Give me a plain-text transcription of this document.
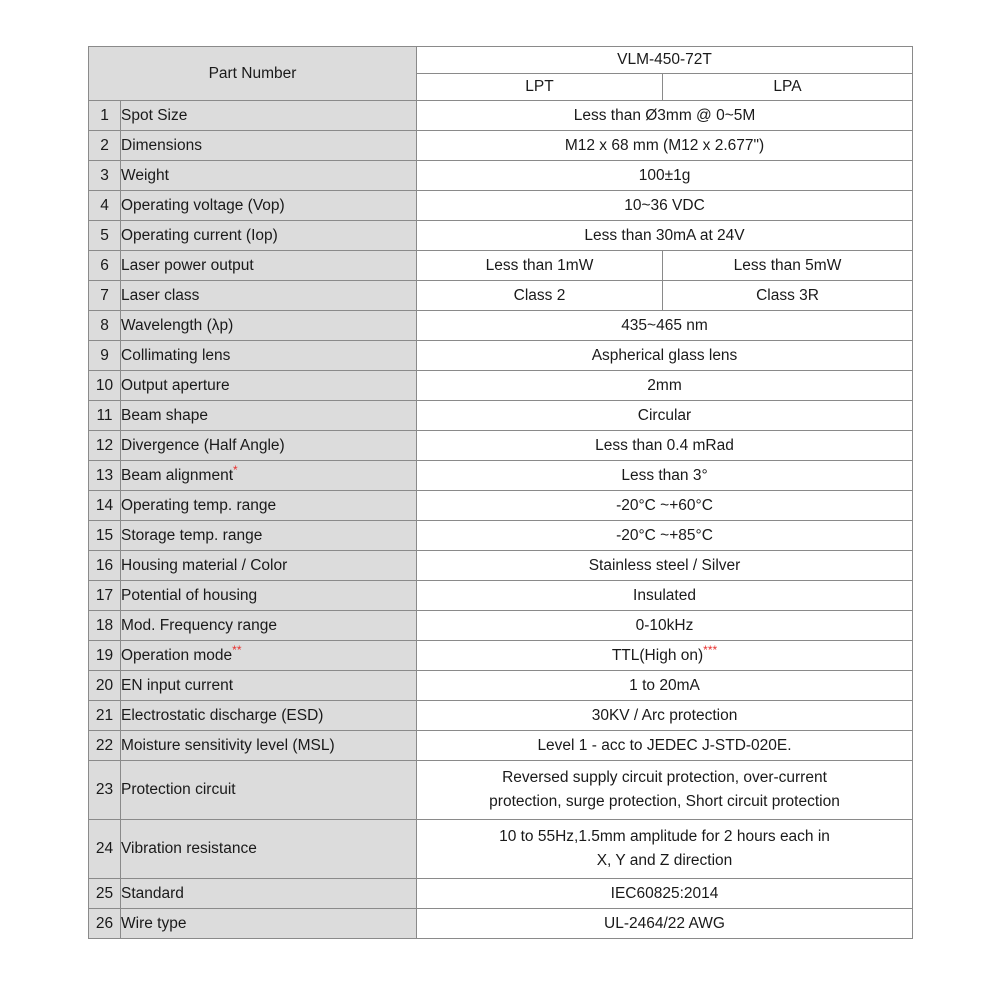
Part Number		VLM-450-72T	
		LPT	LPA
1	Spot Size	Less than Ø3mm @ 0~5M	
2	Dimensions	M12 x 68 mm (M12 x 2.677")	
3	Weight	100±1g	
4	Operating voltage (Vop)	10~36 VDC	
5	Operating current (Iop)	Less than 30mA at 24V	
6	Laser power output	Less than 1mW	Less than 5mW
7	Laser class	Class 2	Class 3R
8	Wavelength (λp)	435~465 nm	
9	Collimating lens	Aspherical glass lens	
10	Output aperture	2mm	
11	Beam shape	Circular	
12	Divergence (Half Angle)	Less than 0.4 mRad	
13	Beam alignment*	Less than 3°	
14	Operating temp. range	-20°C ~+60°C	
15	Storage temp. range	-20°C ~+85°C	
16	Housing material / Color	Stainless steel / Silver	
17	Potential of housing	Insulated	
18	Mod. Frequency range	0-10kHz	
19	Operation mode**	TTL(High on)***
20	EN input current	1 to 20mA	
21	Electrostatic discharge (ESD)	30KV / Arc protection	
22	Moisture sensitivity level (MSL)	Level 1 - acc to JEDEC J-STD-020E.	
23	Protection circuit	Reversed supply circuit protection, over-current
protection, surge protection, Short circuit protection	

24	Vibration resistance	10 to 55Hz,1.5mm amplitude for 2 hours each in
X, Y and Z direction	

25	Standard	IEC60825:2014	
26	Wire type	UL-2464/22 AWG	
